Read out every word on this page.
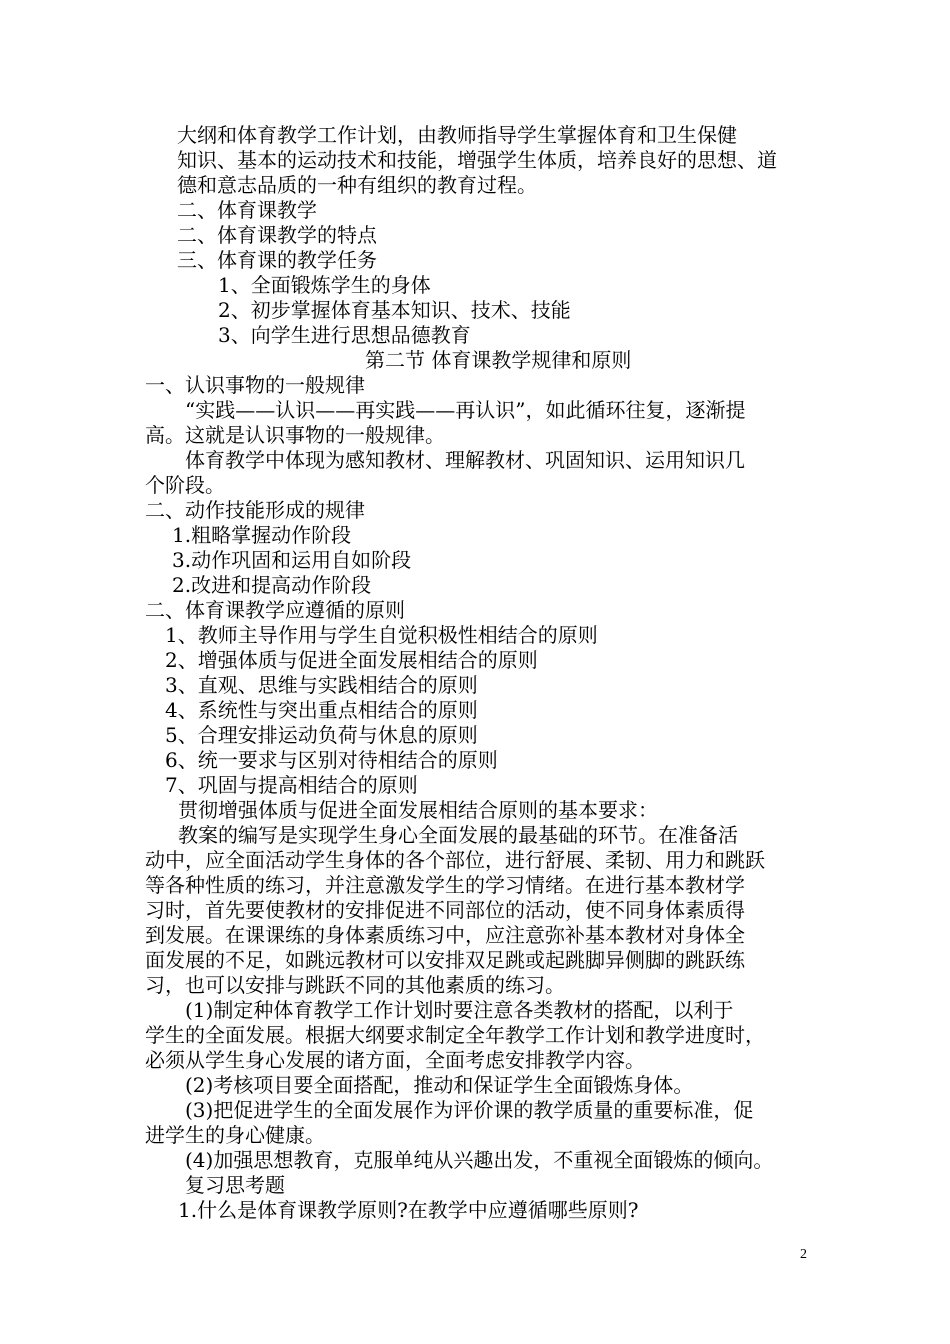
大纲和体育教学工作计划，由教师指导学生掌握体育和卫生保健
知识、基本的运动技术和技能，增强学生体质，培养良好的思想、道
德和意志品质的一种有组织的教育过程。
二、体育课教学
二、体育课教学的特点
三、体育课的教学任务
1、全面锻炼学生的身体
2、初步掌握体育基本知识、技术、技能
3、向学生进行思想品德教育
第二节 体育课教学规律和原则
一、认识事物的一般规律
“实践——认识——再实践——再认识”，如此循环往复，逐渐提
高。这就是认识事物的一般规律。
体育教学中体现为感知教材、理解教材、巩固知识、运用知识几
个阶段。
二、动作技能形成的规律
1.粗略掌握动作阶段
3.动作巩固和运用自如阶段
2.改进和提高动作阶段
二、体育课教学应遵循的原则
1、教师主导作用与学生自觉积极性相结合的原则
2、增强体质与促进全面发展相结合的原则
3、直观、思维与实践相结合的原则
4、系统性与突出重点相结合的原则
5、合理安排运动负荷与休息的原则
6、统一要求与区别对待相结合的原则
7、巩固与提高相结合的原则
贯彻增强体质与促进全面发展相结合原则的基本要求：
教案的编写是实现学生身心全面发展的最基础的环节。在准备活
动中，应全面活动学生身体的各个部位，进行舒展、柔韧、用力和跳跃
等各种性质的练习，并注意激发学生的学习情绪。在进行基本教材学
习时，首先要使教材的安排促进不同部位的活动，使不同身体素质得
到发展。在课课练的身体素质练习中，应注意弥补基本教材对身体全
面发展的不足，如跳远教材可以安排双足跳或起跳脚异侧脚的跳跃练
习，也可以安排与跳跃不同的其他素质的练习。
(1)制定种体育教学工作计划时要注意各类教材的搭配，以利于
学生的全面发展。根据大纲要求制定全年教学工作计划和教学进度时，
必须从学生身心发展的诸方面，全面考虑安排教学内容。
(2)考核项目要全面搭配，推动和保证学生全面锻炼身体。
(3)把促进学生的全面发展作为评价课的教学质量的重要标准，促
进学生的身心健康。
(4)加强思想教育，克服单纯从兴趣出发，不重视全面锻炼的倾向。
复习思考题
1.什么是体育课教学原则?在教学中应遵循哪些原则?
2
